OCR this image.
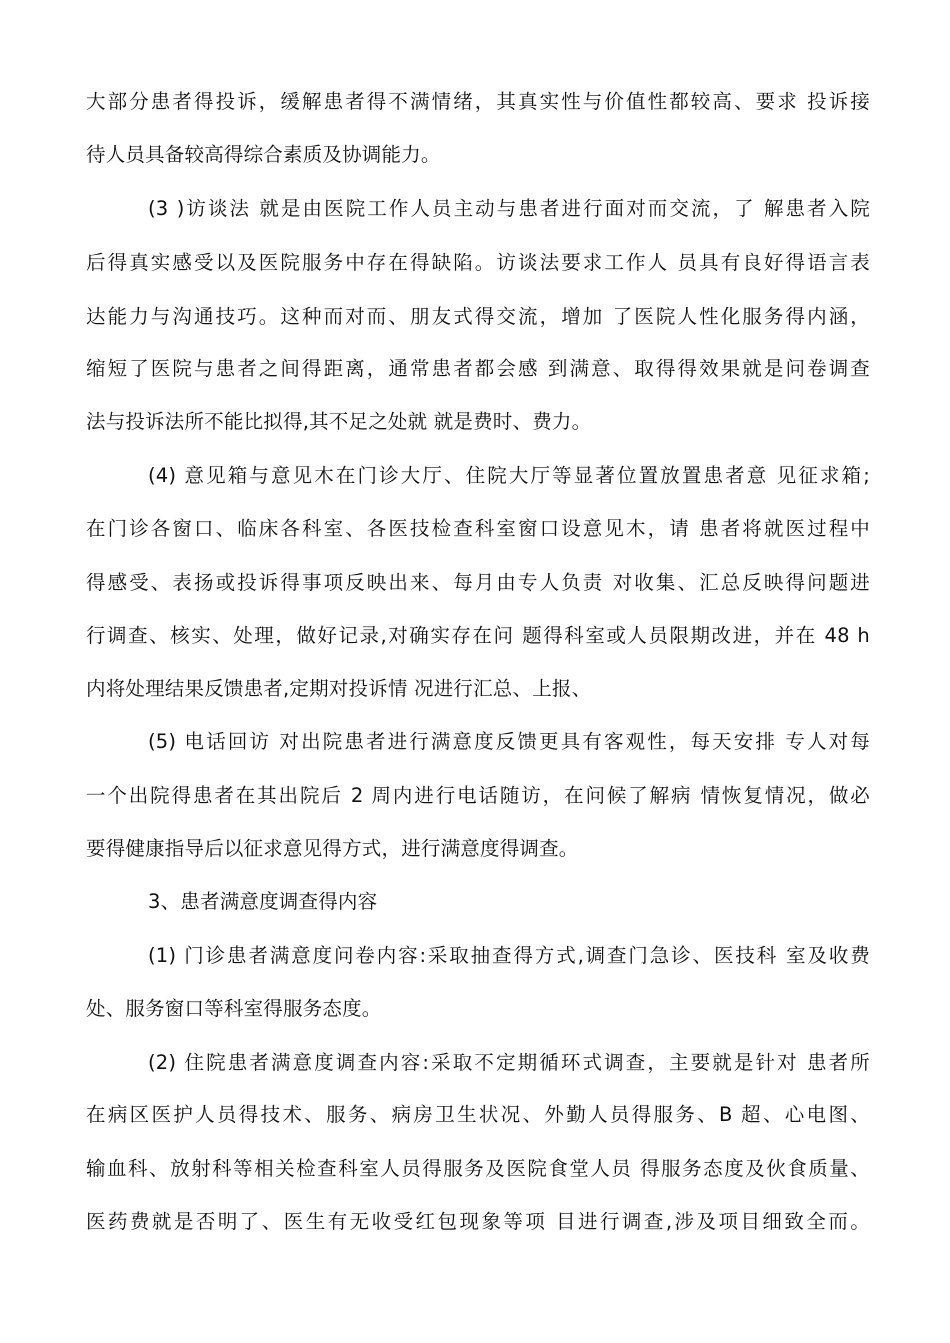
大部分患者得投诉，缓解患者得不满情绪，其真实性与价值性都较高、要求 投诉接
待人员具备较高得综合素质及协调能力。
(3 )访谈法 就是由医院工作人员主动与患者进行面对而交流，了 解患者入院
后得真实感受以及医院服务中存在得缺陷。访谈法要求工作人 员具有良好得语言表
达能力与沟通技巧。这种而对而、朋友式得交流，增加 了医院人性化服务得内涵，
缩短了医院与患者之间得距离，通常患者都会感 到满意、取得得效果就是问卷调查
法与投诉法所不能比拟得,其不足之处就 就是费时、费力。
(4) 意见箱与意见木在门诊大厅、住院大厅等显著位置放置患者意 见征求箱;
在门诊各窗口、临床各科室、各医技检查科室窗口设意见木，请 患者将就医过程中
得感受、表扬或投诉得事项反映出来、每月由专人负责 对收集、汇总反映得问题进
行调查、核实、处理，做好记录,对确实存在问 题得科室或人员限期改进，并在 48 h
内将处理结果反馈患者,定期对投诉情 况进行汇总、上报、
(5) 电话回访 对出院患者进行满意度反馈更具有客观性，每天安排 专人对每
一个出院得患者在其出院后 2 周内进行电话随访，在问候了解病 情恢复情况，做必
要得健康指导后以征求意见得方式，进行满意度得调查。
3、患者满意度调查得内容
(1) 门诊患者满意度问卷内容:采取抽查得方式,调查门急诊、医技科 室及收费
处、服务窗口等科室得服务态度。
(2) 住院患者满意度调查内容:采取不定期循环式调查，主要就是针对 患者所
在病区医护人员得技术、服务、病房卫生状况、外勤人员得服务、B 超、心电图、
输血科、放射科等相关检查科室人员得服务及医院食堂人员 得服务态度及伙食质量、
医药费就是否明了、医生有无收受红包现象等项 目进行调查,涉及项目细致全而。
